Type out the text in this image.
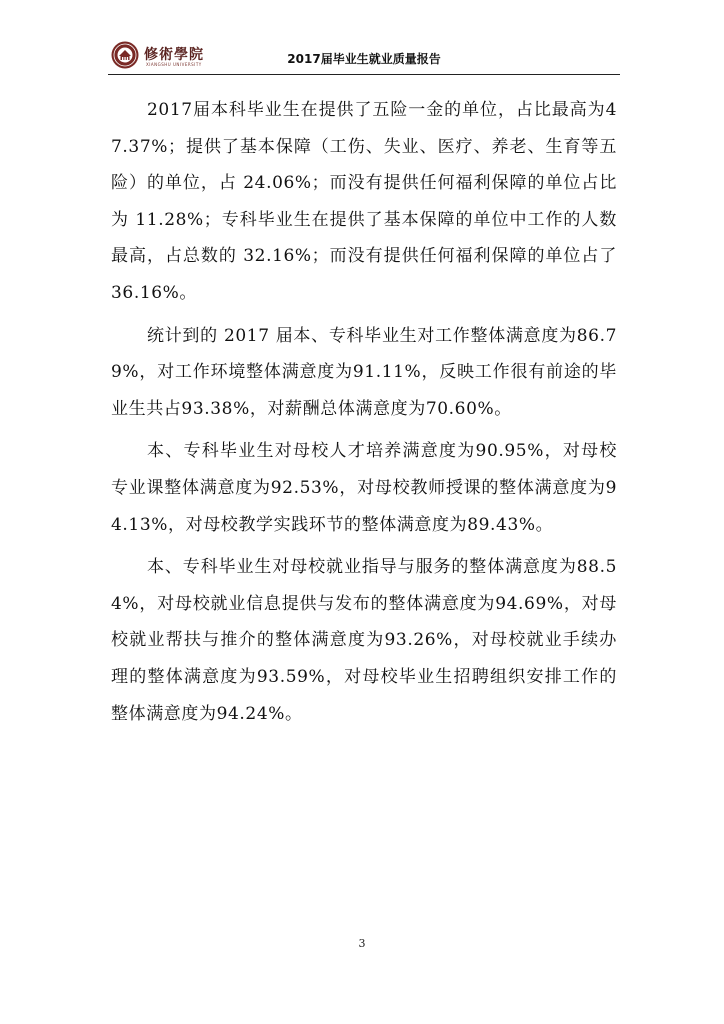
修術學院
XIANGSHU UNIVERSITY	2017届毕业生就业质量报告

2017届本科毕业生在提供了五险一金的单位，占比最高为47.37%；提供了基本保障（工伤、失业、医疗、养老、生育等五险）的单位，占 24.06%；而没有提供任何福利保障的单位占比为 11.28%；专科毕业生在提供了基本保障的单位中工作的人数最高，占总数的 32.16%；而没有提供任何福利保障的单位占了 36.16%。

统计到的 2017 届本、专科毕业生对工作整体满意度为86.79%，对工作环境整体满意度为91.11%，反映工作很有前途的毕业生共占93.38%，对薪酬总体满意度为70.60%。

本、专科毕业生对母校人才培养满意度为90.95%，对母校专业课整体满意度为92.53%，对母校教师授课的整体满意度为94.13%，对母校教学实践环节的整体满意度为89.43%。

本、专科毕业生对母校就业指导与服务的整体满意度为88.54%，对母校就业信息提供与发布的整体满意度为94.69%，对母校就业帮扶与推介的整体满意度为93.26%，对母校就业手续办理的整体满意度为93.59%，对母校毕业生招聘组织安排工作的整体满意度为94.24%。

3
